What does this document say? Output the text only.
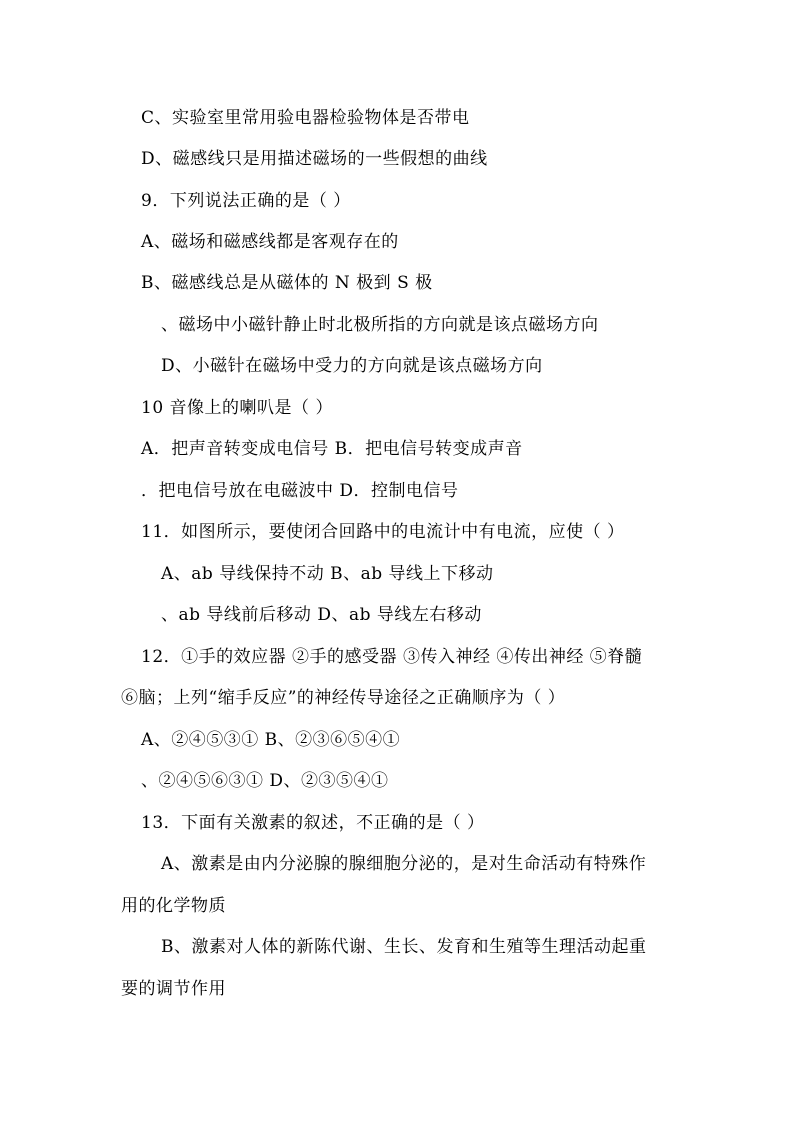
C、实验室里常用验电器检验物体是否带电
D、磁感线只是用描述磁场的一些假想的曲线
9．下列说法正确的是（ ）
A、磁场和磁感线都是客观存在的
B、磁感线总是从磁体的 N 极到 S 极
、磁场中小磁针静止时北极所指的方向就是该点磁场方向
D、小磁针在磁场中受力的方向就是该点磁场方向
10 音像上的喇叭是（ ）
A．把声音转变成电信号 B．把电信号转变成声音
．把电信号放在电磁波中 D．控制电信号
11．如图所示，要使闭合回路中的电流计中有电流，应使（ ）
A、ab 导线保持不动 B、ab 导线上下移动
、ab 导线前后移动 D、ab 导线左右移动
12．①手的效应器 ②手的感受器 ③传入神经 ④传出神经 ⑤脊髓
⑥脑；上列“缩手反应”的神经传导途径之正确顺序为（ ）
A、②④⑤③① B、②③⑥⑤④①
、②④⑤⑥③① D、②③⑤④①
13．下面有关激素的叙述，不正确的是（ ）
A、激素是由内分泌腺的腺细胞分泌的，是对生命活动有特殊作
用的化学物质
B、激素对人体的新陈代谢、生长、发育和生殖等生理活动起重
要的调节作用
